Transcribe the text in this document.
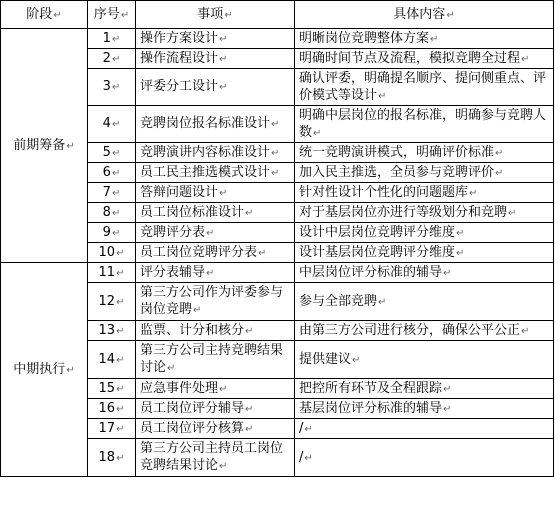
阶段↵	序号↵	事项↵	具体内容↵
前期筹备↵	1↵	操作方案设计↵	明晰岗位竞聘整体方案↵
	2↵	操作流程设计↵	明确时间节点及流程，模拟竞聘全过程↵
	3↵	评委分工设计↵	确认评委，明确提名顺序、提问侧重点、评价模式等设计↵
	4↵	竞聘岗位报名标准设计↵	明确中层岗位的报名标准，明确参与竞聘人数↵
	5↵	竞聘演讲内容标准设计↵	统一竞聘演讲模式，明确评价标准↵
	6↵	员工民主推选模式设计↵	加入民主推选，全员参与竞聘评价↵
	7↵	答辩问题设计↵	针对性设计个性化的问题题库↵
	8↵	员工岗位标准设计↵	对于基层岗位亦进行等级划分和竞聘↵
	9↵	竞聘评分表↵	设计中层岗位竞聘评分维度↵
	10↵	员工岗位竞聘评分表↵	设计基层岗位竞聘评分维度↵
中期执行↵	11↵	评分表辅导↵	中层岗位评分标准的辅导↵
	12↵	第三方公司作为评委参与岗位竞聘↵	参与全部竞聘↵
	13↵	监票、计分和核分↵	由第三方公司进行核分，确保公平公正↵
	14↵	第三方公司主持竞聘结果讨论↵	提供建议↵
	15↵	应急事件处理↵	把控所有环节及全程跟踪↵
	16↵	员工岗位评分辅导↵	基层岗位评分标准的辅导↵
	17↵	员工岗位评分核算↵	/↵
	18↵	第三方公司主持员工岗位竞聘结果讨论↵	/↵
